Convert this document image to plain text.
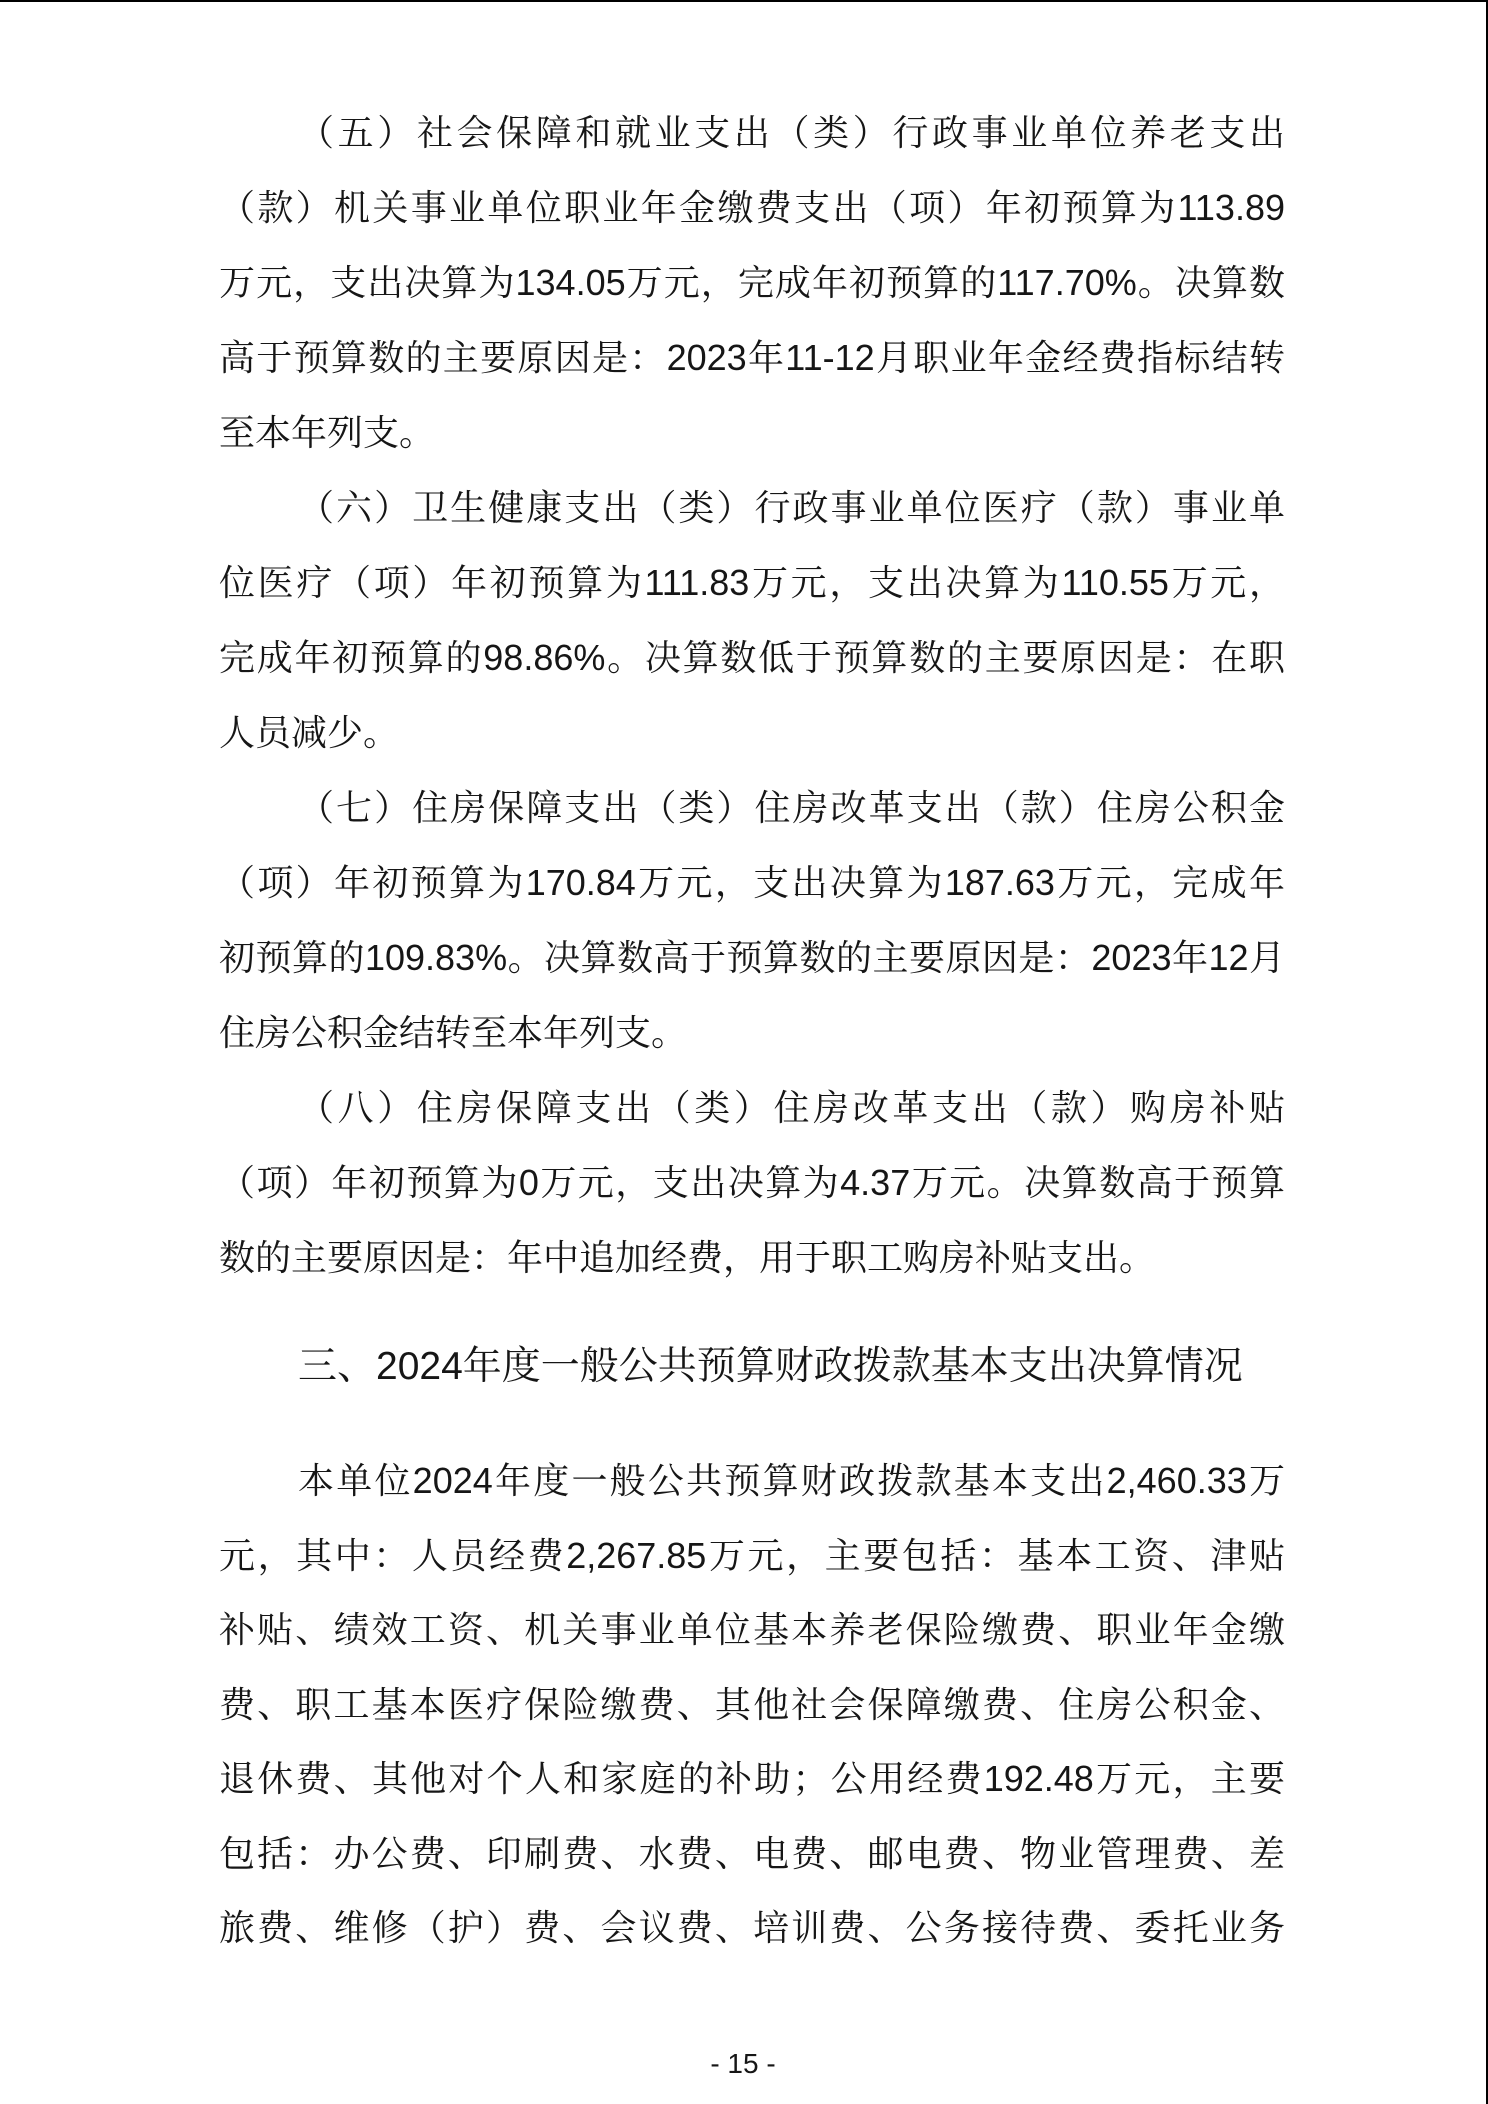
（五）社会保障和就业支出（类）行政事业单位养老支出
（款）机关事业单位职业年金缴费支出（项）年初预算为113.89
万元，支出决算为134.05万元，完成年初预算的117.70%。决算数
高于预算数的主要原因是：2023年11-12月职业年金经费指标结转
至本年列支。
（六）卫生健康支出（类）行政事业单位医疗（款）事业单
位医疗（项）年初预算为111.83万元，支出决算为110.55万元，
完成年初预算的98.86%。决算数低于预算数的主要原因是：在职
人员减少。
（七）住房保障支出（类）住房改革支出（款）住房公积金
（项）年初预算为170.84万元，支出决算为187.63万元，完成年
初预算的109.83%。决算数高于预算数的主要原因是：2023年12月
住房公积金结转至本年列支。
（八）住房保障支出（类）住房改革支出（款）购房补贴
（项）年初预算为0万元，支出决算为4.37万元。决算数高于预算
数的主要原因是：年中追加经费，用于职工购房补贴支出。
三、2024年度一般公共预算财政拨款基本支出决算情况
本单位2024年度一般公共预算财政拨款基本支出2,460.33万
元，其中：人员经费2,267.85万元，主要包括：基本工资、津贴
补贴、绩效工资、机关事业单位基本养老保险缴费、职业年金缴
费、职工基本医疗保险缴费、其他社会保障缴费、住房公积金、
退休费、其他对个人和家庭的补助；公用经费192.48万元，主要
包括：办公费、印刷费、水费、电费、邮电费、物业管理费、差
旅费、维修（护）费、会议费、培训费、公务接待费、委托业务
- 15 -
